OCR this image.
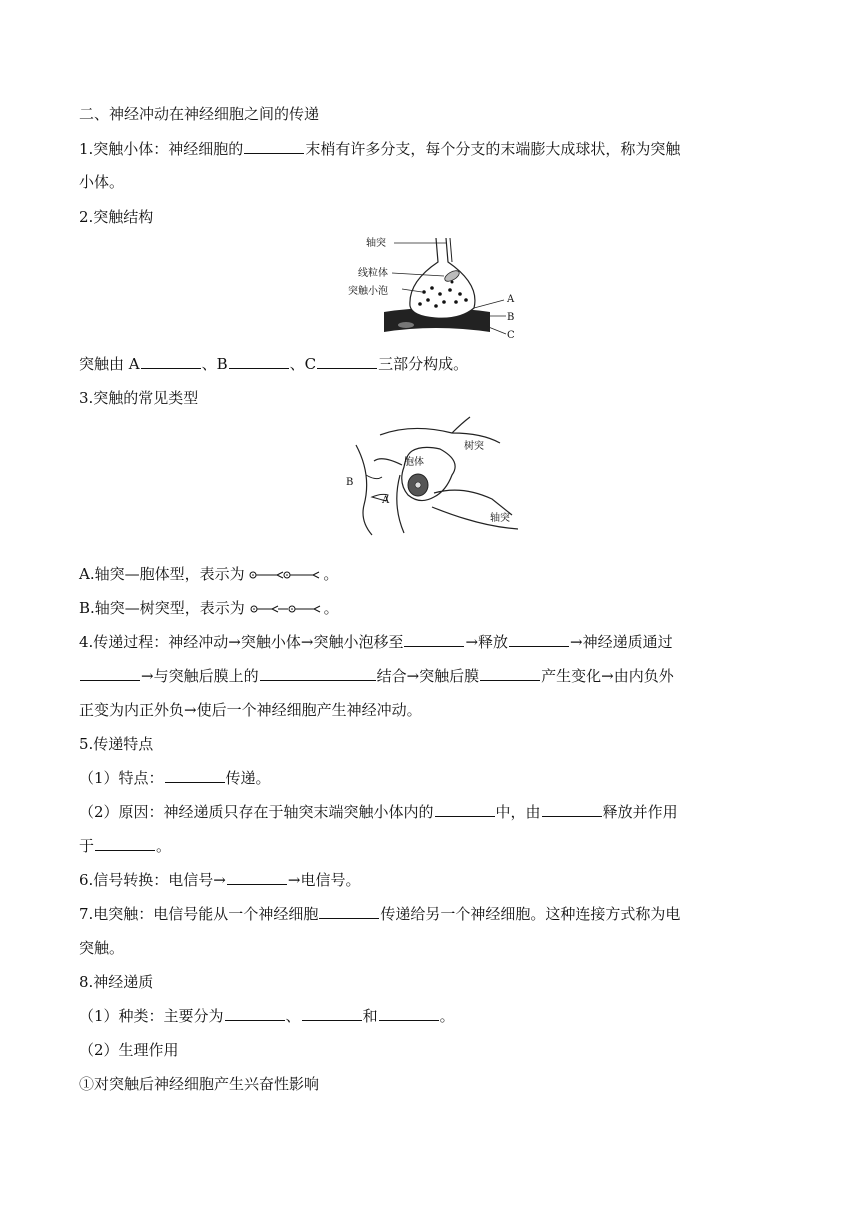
二、神经冲动在神经细胞之间的传递
1.突触小体：神经细胞的	末梢有许多分支，每个分支的末端膨大成球状，称为突触
小体。
2.突触结构
轴突
线粒体
突触小泡
A
B
C
突触由 A	、B	、C	三部分构成。
3.突触的常见类型
胞体
树突
轴突
A
B
A.轴突—胞体型，表示为	。
B.轴突—树突型，表示为	。
4.传递过程：神经冲动→突触小体→突触小泡移至	→释放	→神经递质通过
→与突触后膜上的	结合→突触后膜	产生变化→由内负外
正变为内正外负→使后一个神经细胞产生神经冲动。
5.传递特点
（1）特点：	传递。
（2）原因：神经递质只存在于轴突末端突触小体内的	中，由	释放并作用
于	。
6.信号转换：电信号→	→电信号。
7.电突触：电信号能从一个神经细胞	传递给另一个神经细胞。这种连接方式称为电
突触。
8.神经递质
（1）种类：主要分为	、	和	。
（2）生理作用
①对突触后神经细胞产生兴奋性影响
